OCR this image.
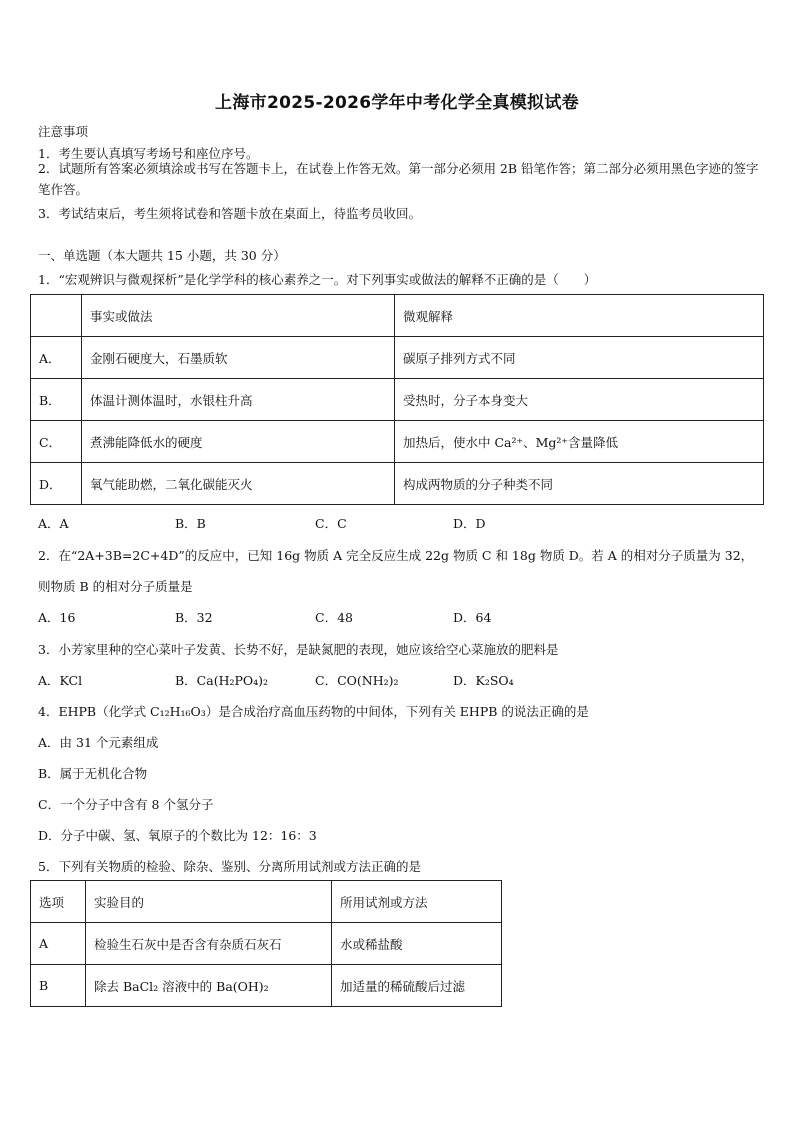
上海市2025-2026学年中考化学全真模拟试卷
注意事项
1．考生要认真填写考场号和座位序号。
2．试题所有答案必须填涂或书写在答题卡上，在试卷上作答无效。第一部分必须用 2B 铅笔作答；第二部分必须用黑色字迹的签字笔作答。
3．考试结束后，考生须将试卷和答题卡放在桌面上，待监考员收回。
一、单选题（本大题共 15 小题，共 30 分）
1．“宏观辨识与微观探析”是化学学科的核心素养之一。对下列事实或做法的解释不正确的是（　　）
	事实或做法	微观解释
A．	金刚石硬度大，石墨质软	碳原子排列方式不同
B．	体温计测体温时，水银柱升高	受热时，分子本身变大
C．	煮沸能降低水的硬度	加热后，使水中 Ca²⁺、Mg²⁺含量降低
D．	氧气能助燃，二氧化碳能灭火	构成两物质的分子种类不同
A．A	B．B	C．C	D．D
2．在“2A+3B=2C+4D”的反应中，已知 16g 物质 A 完全反应生成 22g 物质 C 和 18g 物质 D。若 A 的相对分子质量为 32，
则物质 B 的相对分子质量是
A．16	B．32	C．48	D．64
3．小芳家里种的空心菜叶子发黄、长势不好，是缺氮肥的表现，她应该给空心菜施放的肥料是
A．KCl	B．Ca(H₂PO₄)₂	C．CO(NH₂)₂	D．K₂SO₄
4．EHPB（化学式 C₁₂H₁₆O₃）是合成治疗高血压药物的中间体，下列有关 EHPB 的说法正确的是
A．由 31 个元素组成
B．属于无机化合物
C．一个分子中含有 8 个氢分子
D．分子中碳、氢、氧原子的个数比为 12：16：3
5．下列有关物质的检验、除杂、鉴别、分离所用试剂或方法正确的是
选项	实验目的	所用试剂或方法
A	检验生石灰中是否含有杂质石灰石	水或稀盐酸
B	除去 BaCl₂ 溶液中的 Ba(OH)₂	加适量的稀硫酸后过滤
